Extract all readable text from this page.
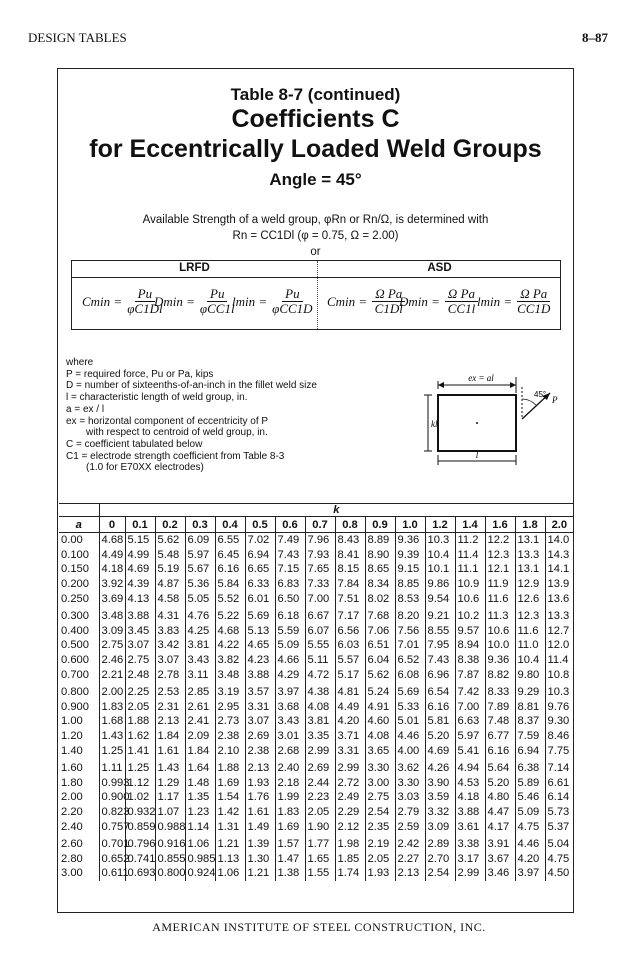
DESIGN TABLES	8–87
Table 8-7 (continued)
Coefficients C
for Eccentrically Loaded Weld Groups
Angle = 45°
Available Strength of a weld group, φRn or Rn/Ω, is determined with
Rn = CC1Dl (φ = 0.75, Ω = 2.00)
or
LRFD	ASD
$Cmin = \frac{Pu}{\varphi C1Dl}$
$Dmin = \frac{Pu}{\text{φCC1l}}$
$lmin = \frac{Pu}{\text{φCC1D}}$ $Cmin = \frac{\text{Ω Pa}}{C1Dl}$
$Dmin = \frac{\text{Ω Pa}}{CC1l}$
$lmin = \frac{\text{Ω Pa}}{CC1D}$
where
P = required force, Pu or Pa, kips
D = number of sixteenths-of-an-inch in the fillet weld size
l = characteristic length of weld group, in.
a = ex / l
ex = horizontal component of eccentricity of P
with respect to centroid of weld group, in.
C = coefficient tabulated below
C1 = electrode strength coefficient from Table 8-3
(1.0 for E70XX electrodes)
ex = al
kl
l
45°
P
	k															
a	0	0.1	0.2	0.3	0.4	0.5	0.6	0.7	0.8	0.9	1.0	1.2	1.4	1.6	1.8	2.0
0.00	4.68	5.15	5.62	6.09	6.55	7.02	7.49	7.96	8.43	8.89	9.36	10.3	11.2	12.2	13.1	14.0
0.100	4.49	4.99	5.48	5.97	6.45	6.94	7.43	7.93	8.41	8.90	9.39	10.4	11.4	12.3	13.3	14.3
0.150	4.18	4.69	5.19	5.67	6.16	6.65	7.15	7.65	8.15	8.65	9.15	10.1	11.1	12.1	13.1	14.1
0.200	3.92	4.39	4.87	5.36	5.84	6.33	6.83	7.33	7.84	8.34	8.85	9.86	10.9	11.9	12.9	13.9
0.250	3.69	4.13	4.58	5.05	5.52	6.01	6.50	7.00	7.51	8.02	8.53	9.54	10.6	11.6	12.6	13.6

0.300	3.48	3.88	4.31	4.76	5.22	5.69	6.18	6.67	7.17	7.68	8.20	9.21	10.2	11.3	12.3	13.3
0.400	3.09	3.45	3.83	4.25	4.68	5.13	5.59	6.07	6.56	7.06	7.56	8.55	9.57	10.6	11.6	12.7
0.500	2.75	3.07	3.42	3.81	4.22	4.65	5.09	5.55	6.03	6.51	7.01	7.95	8.94	10.0	11.0	12.0
0.600	2.46	2.75	3.07	3.43	3.82	4.23	4.66	5.11	5.57	6.04	6.52	7.43	8.38	9.36	10.4	11.4
0.700	2.21	2.48	2.78	3.11	3.48	3.88	4.29	4.72	5.17	5.62	6.08	6.96	7.87	8.82	9.80	10.8

0.800	2.00	2.25	2.53	2.85	3.19	3.57	3.97	4.38	4.81	5.24	5.69	6.54	7.42	8.33	9.29	10.3
0.900	1.83	2.05	2.31	2.61	2.95	3.31	3.68	4.08	4.49	4.91	5.33	6.16	7.00	7.89	8.81	9.76
1.00	1.68	1.88	2.13	2.41	2.73	3.07	3.43	3.81	4.20	4.60	5.01	5.81	6.63	7.48	8.37	9.30
1.20	1.43	1.62	1.84	2.09	2.38	2.69	3.01	3.35	3.71	4.08	4.46	5.20	5.97	6.77	7.59	8.46
1.40	1.25	1.41	1.61	1.84	2.10	2.38	2.68	2.99	3.31	3.65	4.00	4.69	5.41	6.16	6.94	7.75

1.60	1.11	1.25	1.43	1.64	1.88	2.13	2.40	2.69	2.99	3.30	3.62	4.26	4.94	5.64	6.38	7.14
1.80	0.993	1.12	1.29	1.48	1.69	1.93	2.18	2.44	2.72	3.00	3.30	3.90	4.53	5.20	5.89	6.61
2.00	0.900	1.02	1.17	1.35	1.54	1.76	1.99	2.23	2.49	2.75	3.03	3.59	4.18	4.80	5.46	6.14
2.20	0.823	0.932	1.07	1.23	1.42	1.61	1.83	2.05	2.29	2.54	2.79	3.32	3.88	4.47	5.09	5.73
2.40	0.757	0.859	0.988	1.14	1.31	1.49	1.69	1.90	2.12	2.35	2.59	3.09	3.61	4.17	4.75	5.37

2.60	0.701	0.796	0.916	1.06	1.21	1.39	1.57	1.77	1.98	2.19	2.42	2.89	3.38	3.91	4.46	5.04
2.80	0.652	0.741	0.855	0.985	1.13	1.30	1.47	1.65	1.85	2.05	2.27	2.70	3.17	3.67	4.20	4.75
3.00	0.611	0.693	0.800	0.924	1.06	1.21	1.38	1.55	1.74	1.93	2.13	2.54	2.99	3.46	3.97	4.50
AMERICAN INSTITUTE OF STEEL CONSTRUCTION, INC.
